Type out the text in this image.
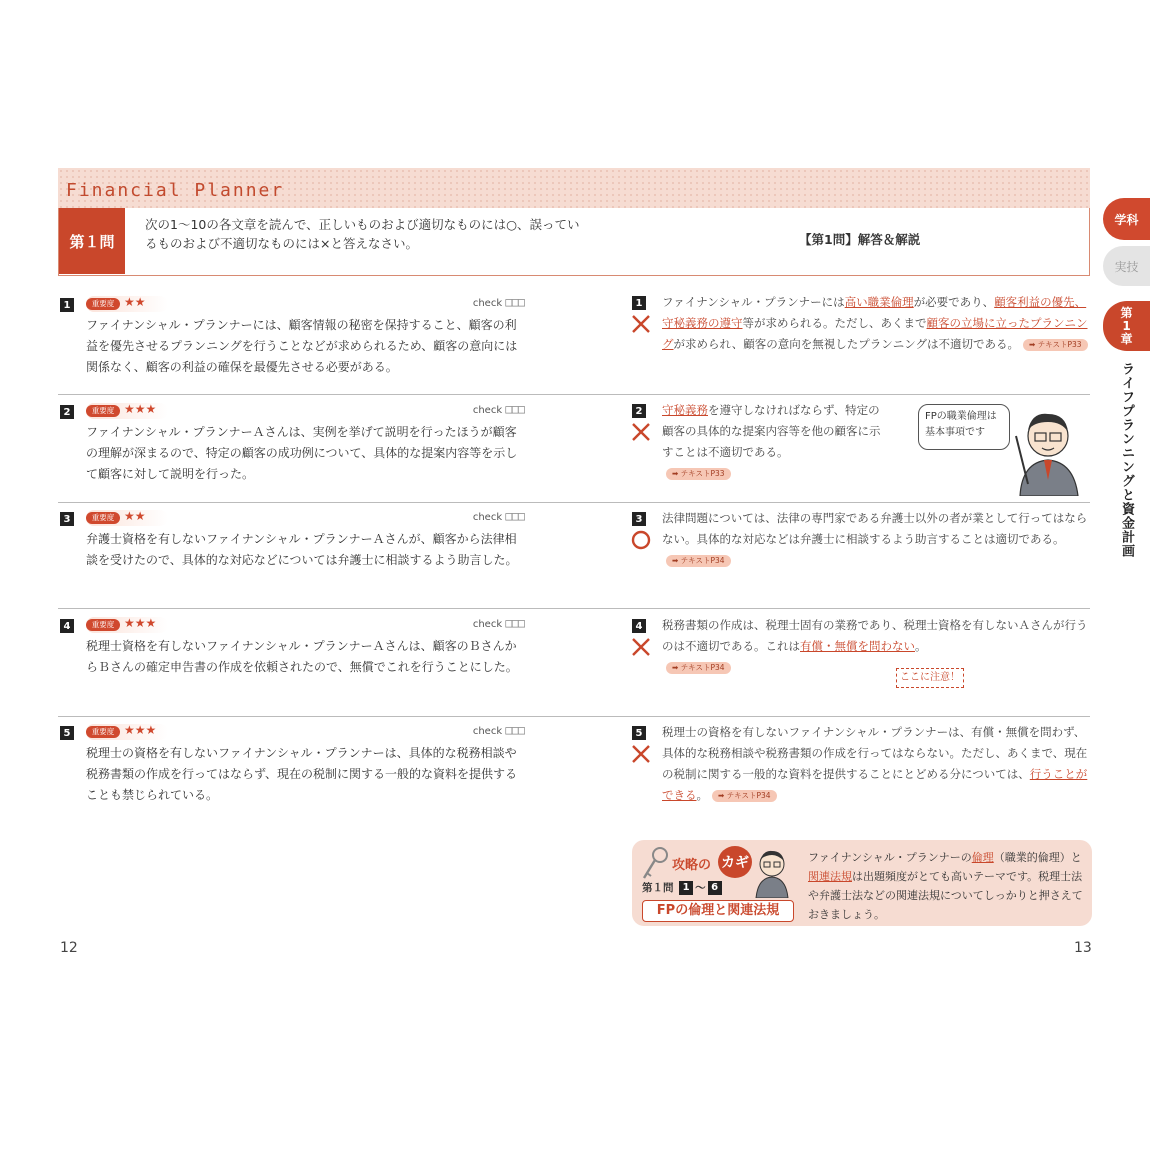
Financial Planner
第１問
次の1～10の各文章を読んで、正しいものおよび適切なものには○、誤っているものおよび不適切なものには×と答えなさい。	【第1問】解答＆解説
学科
実技
第
1
章
ライフプランニングと資金計画
1	重要度 ★★	check □□□
ファイナンシャル・プランナーには、顧客情報の秘密を保持すること、顧客の利益を優先させるプランニングを行うことなどが求められるため、顧客の意向には関係なく、顧客の利益の確保を最優先させる必要がある。
2	重要度 ★★★	check □□□
ファイナンシャル・プランナーＡさんは、実例を挙げて説明を行ったほうが顧客の理解が深まるので、特定の顧客の成功例について、具体的な提案内容等を示して顧客に対して説明を行った。
3	重要度 ★★	check □□□
弁護士資格を有しないファイナンシャル・プランナーＡさんが、顧客から法律相談を受けたので、具体的な対応などについては弁護士に相談するよう助言した。
4	重要度 ★★★	check □□□
税理士資格を有しないファイナンシャル・プランナーＡさんは、顧客のＢさんからＢさんの確定申告書の作成を依頼されたので、無償でこれを行うことにした。
5	重要度 ★★★	check □□□
税理士の資格を有しないファイナンシャル・プランナーは、具体的な税務相談や税務書類の作成を行ってはならず、現在の税制に関する一般的な資料を提供することも禁じられている。
1	ファイナンシャル・プランナーには高い職業倫理が必要であり、顧客利益の優先、守秘義務の遵守等が求められる。ただし、あくまで顧客の立場に立ったプランニングが求められ、顧客の意向を無視したプランニングは不適切である。 ➡ テキストP33
2	守秘義務を遵守しなければならず、特定の顧客の具体的な提案内容等を他の顧客に示すことは不適切である。
➡ テキストP33
FPの職業倫理は基本事項です
3	法律問題については、法律の専門家である弁護士以外の者が業として行ってはならない。具体的な対応などは弁護士に相談するよう助言することは適切である。➡ テキストP34
4	税務書類の作成は、税理士固有の業務であり、税理士資格を有しないＡさんが行うのは不適切である。これは有償・無償を問わない。
➡ テキストP34
ここに注意！
5	税理士の資格を有しないファイナンシャル・プランナーは、有償・無償を問わず、具体的な税務相談や税務書類の作成を行ってはならない。ただし、あくまで、現在の税制に関する一般的な資料を提供することにとどめる分については、行うことができる。 ➡ テキストP34
攻略の カギ
第１問 1 ～ 6
FPの倫理と関連法規
ファイナンシャル・プランナーの倫理（職業的倫理）と関連法規は出題頻度がとても高いテーマです。税理士法や弁護士法などの関連法規についてしっかりと押さえておきましょう。
12	13
